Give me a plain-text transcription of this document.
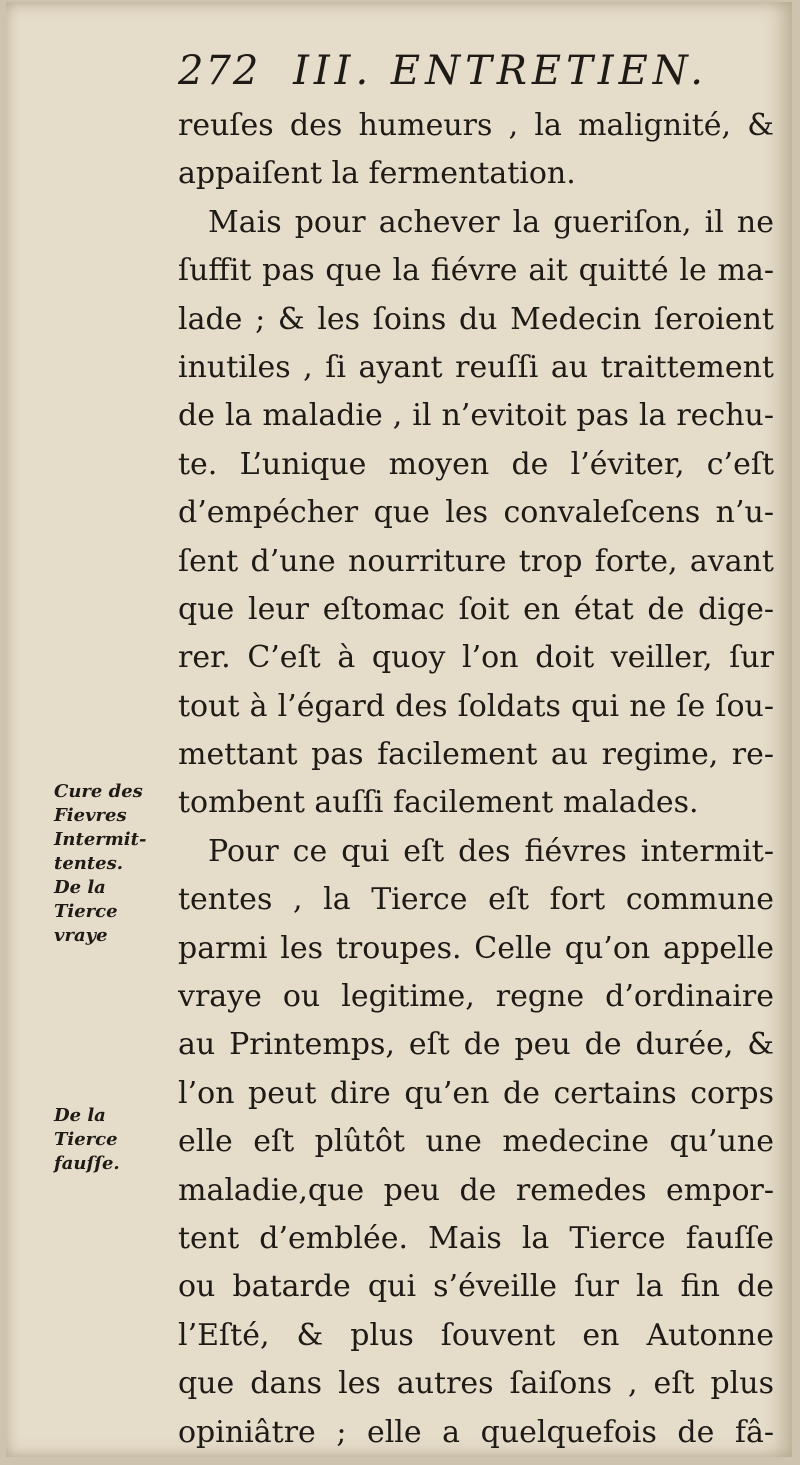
272 III. ENTRETIEN.
reuſes des humeurs , la malignité, &
appaiſent la fermentation.
Mais pour achever la gueriſon, il ne
ſuffit pas que la fiévre ait quitté le ma-
lade ; & les ſoins du Medecin ſeroient
inutiles , ſi ayant reuſſi au traittement
de la maladie , il n’evitoit pas la rechu-
te. L’unique moyen de l’éviter, c’eſt
d’empécher que les convaleſcens n’u-
ſent d’une nourriture trop forte, avant
que leur eſtomac ſoit en état de dige-
rer. C’eſt à quoy l’on doit veiller, ſur
tout à l’égard des ſoldats qui ne ſe ſou-
mettant pas facilement au regime, re-
tombent auſſi facilement malades.
Pour ce qui eſt des fiévres intermit-
tentes , la Tierce eſt fort commune
parmi les troupes. Celle qu’on appelle
vraye ou legitime, regne d’ordinaire
au Printemps, eſt de peu de durée, &
l’on peut dire qu’en de certains corps
elle eſt plûtôt une medecine qu’une
maladie,que peu de remedes empor-
tent d’emblée. Mais la Tierce fauſſe
ou batarde qui s’éveille ſur la fin de
l’Eſté, & plus ſouvent en Autonne
que dans les autres ſaiſons , eſt plus
opiniâtre ; elle a quelquefois de fâ-
Cure des
Fievres
Intermit-
tentes.
De la
Tierce
vraye
De la
Tierce
fauſſe.
